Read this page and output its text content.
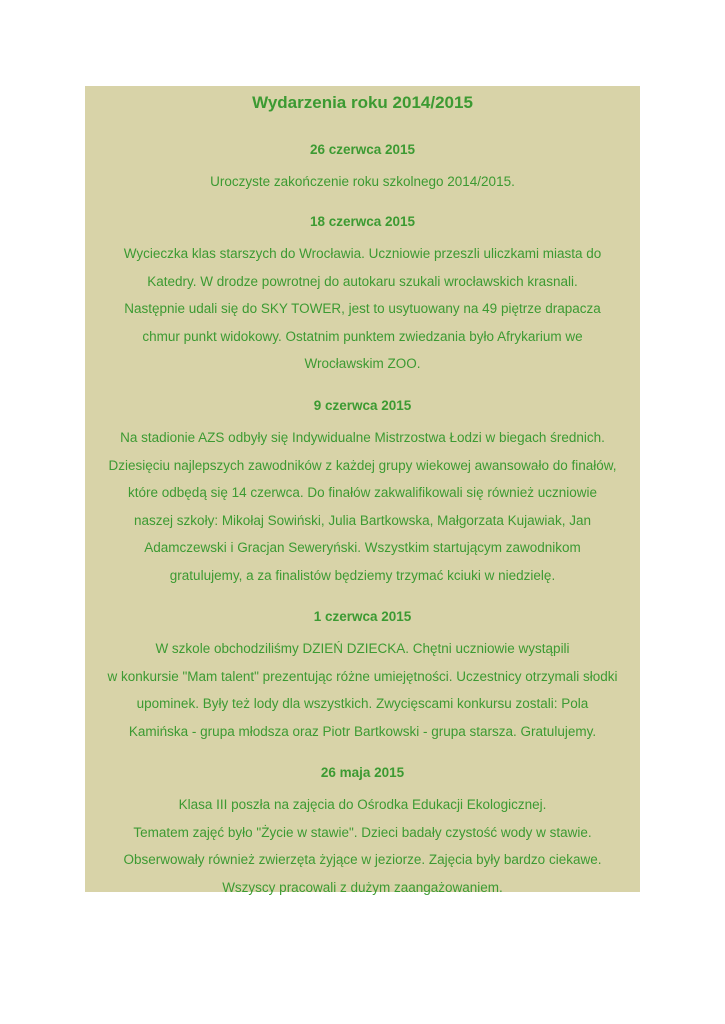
Wydarzenia roku 2014/2015

26 czerwca 2015

Uroczyste zakończenie roku szkolnego 2014/2015.

18 czerwca 2015

Wycieczka klas starszych do Wrocławia. Uczniowie przeszli uliczkami miasta do
Katedry. W drodze powrotnej do autokaru szukali wrocławskich krasnali.
Następnie udali się do SKY TOWER, jest to usytuowany na 49 piętrze drapacza
chmur punkt widokowy. Ostatnim punktem zwiedzania było Afrykarium we
Wrocławskim ZOO.

9 czerwca 2015

Na stadionie AZS odbyły się Indywidualne Mistrzostwa Łodzi w biegach średnich.
Dziesięciu najlepszych zawodników z każdej grupy wiekowej awansowało do finałów,
które odbędą się 14 czerwca. Do finałów zakwalifikowali się również uczniowie
naszej szkoły: Mikołaj Sowiński, Julia Bartkowska, Małgorzata Kujawiak, Jan
Adamczewski i Gracjan Seweryński. Wszystkim startującym zawodnikom
gratulujemy, a za finalistów będziemy trzymać kciuki w niedzielę.

1 czerwca 2015

W szkole obchodziliśmy DZIEŃ DZIECKA. Chętni uczniowie wystąpili
w konkursie "Mam talent" prezentując różne umiejętności. Uczestnicy otrzymali słodki
upominek. Były też lody dla wszystkich. Zwycięscami konkursu zostali: Pola
Kamińska - grupa młodsza oraz Piotr Bartkowski - grupa starsza. Gratulujemy.

26 maja 2015

Klasa III poszła na zajęcia do Ośrodka Edukacji Ekologicznej.
Tematem zajęć było "Życie w stawie". Dzieci badały czystość wody w stawie.
Obserwowały również zwierzęta żyjące w jeziorze. Zajęcia były bardzo ciekawe.
Wszyscy pracowali z dużym zaangażowaniem.
